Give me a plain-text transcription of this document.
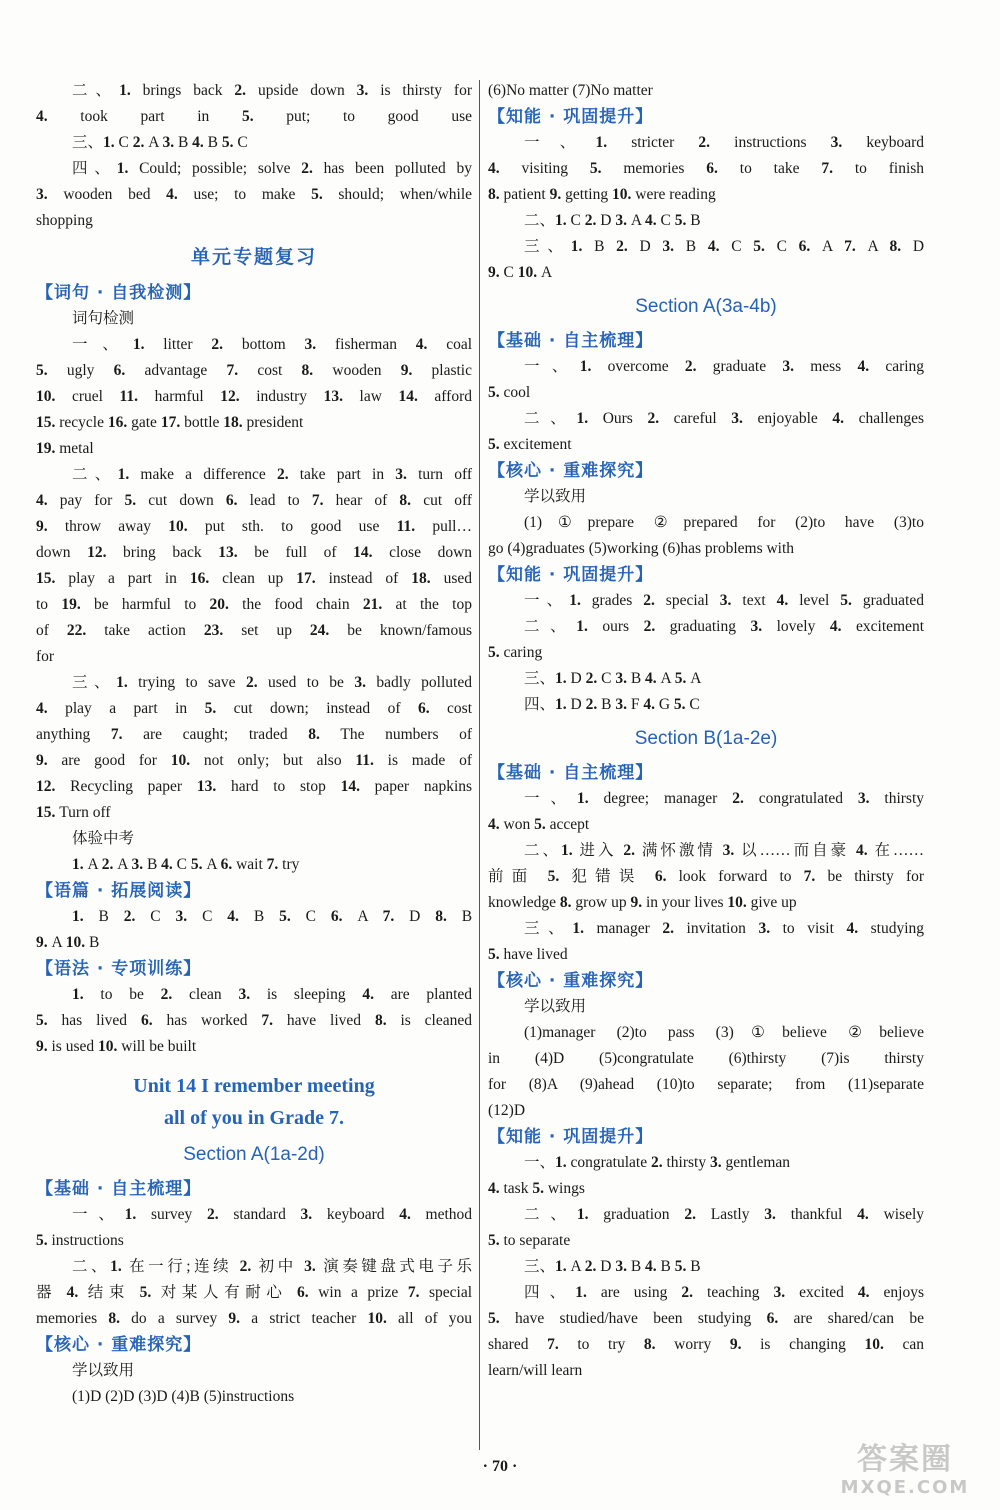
二、1. brings back 2. upside down 3. is thirsty for
4. took part in 5. put; to good use
三、1. C 2. A 3. B 4. B 5. C
四、1. Could; possible; solve 2. has been polluted by
3. wooden bed 4. use; to make 5. should; when/while
shopping
单元专题复习
【词句 · 自我检测】
词句检测
一、1. litter 2. bottom 3. fisherman 4. coal
5. ugly 6. advantage 7. cost 8. wooden 9. plastic
10. cruel 11. harmful 12. industry 13. law 14. afford
15. recycle 16. gate 17. bottle 18. president
19. metal
二、1. make a difference 2. take part in 3. turn off
4. pay for 5. cut down 6. lead to 7. hear of 8. cut off
9. throw away 10. put sth. to good use 11. pull…
down 12. bring back 13. be full of 14. close down
15. play a part in 16. clean up 17. instead of 18. used
to 19. be harmful to 20. the food chain 21. at the top
of 22. take action 23. set up 24. be known/famous
for
三、1. trying to save 2. used to be 3. badly polluted
4. play a part in 5. cut down; instead of 6. cost
anything 7. are caught; traded 8. The numbers of
9. are good for 10. not only; but also 11. is made of
12. Recycling paper 13. hard to stop 14. paper napkins
15. Turn off
体验中考
1. A 2. A 3. B 4. C 5. A 6. wait 7. try
【语篇 · 拓展阅读】
1. B 2. C 3. C 4. B 5. C 6. A 7. D 8. B
9. A 10. B
【语法 · 专项训练】
1. to be 2. clean 3. is sleeping 4. are planted
5. has lived 6. has worked 7. have lived 8. is cleaned
9. is used 10. will be built
Unit 14 I remember meeting
all of you in Grade 7.
Section A(1a-2d)
【基础 · 自主梳理】
一、1. survey 2. standard 3. keyboard 4. method
5. instructions
二、1. 在一行;连续 2. 初中 3. 演奏键盘式电子乐
器 4. 结束 5. 对某人有耐心 6. win a prize 7. special
memories 8. do a survey 9. a strict teacher 10. all of you
【核心 · 重难探究】
学以致用
(1)D (2)D (3)D (4)B (5)instructions
(6)No matter (7)No matter
【知能 · 巩固提升】
一、1. stricter 2. instructions 3. keyboard
4. visiting 5. memories 6. to take 7. to finish
8. patient 9. getting 10. were reading
二、1. C 2. D 3. A 4. C 5. B
三、1. B 2. D 3. B 4. C 5. C 6. A 7. A 8. D
9. C 10. A
Section A(3a-4b)
【基础 · 自主梳理】
一、1. overcome 2. graduate 3. mess 4. caring
5. cool
二、1. Ours 2. careful 3. enjoyable 4. challenges
5. excitement
【核心 · 重难探究】
学以致用
(1)①prepare ②prepared for (2)to have (3)to
go (4)graduates (5)working (6)has problems with
【知能 · 巩固提升】
一、1. grades 2. special 3. text 4. level 5. graduated
二、1. ours 2. graduating 3. lovely 4. excitement
5. caring
三、1. D 2. C 3. B 4. A 5. A
四、1. D 2. B 3. F 4. G 5. C
Section B(1a-2e)
【基础 · 自主梳理】
一、1. degree; manager 2. congratulated 3. thirsty
4. won 5. accept
二、1. 进入 2. 满怀激情 3. 以……而自豪 4. 在……
前面 5. 犯错误 6. look forward to 7. be thirsty for
knowledge 8. grow up 9. in your lives 10. give up
三、1. manager 2. invitation 3. to visit 4. studying
5. have lived
【核心 · 重难探究】
学以致用
(1)manager (2)to pass (3)①believe ②believe
in (4)D (5)congratulate (6)thirsty (7)is thirsty
for (8)A (9)ahead (10)to separate; from (11)separate
(12)D
【知能 · 巩固提升】
一、1. congratulate 2. thirsty 3. gentleman
4. task 5. wings
二、1. graduation 2. Lastly 3. thankful 4. wisely
5. to separate
三、1. A 2. D 3. B 4. B 5. B
四、1. are using 2. teaching 3. excited 4. enjoys
5. have studied/have been studying 6. are shared/can be
shared 7. to try 8. worry 9. is changing 10. can
learn/will learn
· 70 ·	答案圈
MXQE.COM
